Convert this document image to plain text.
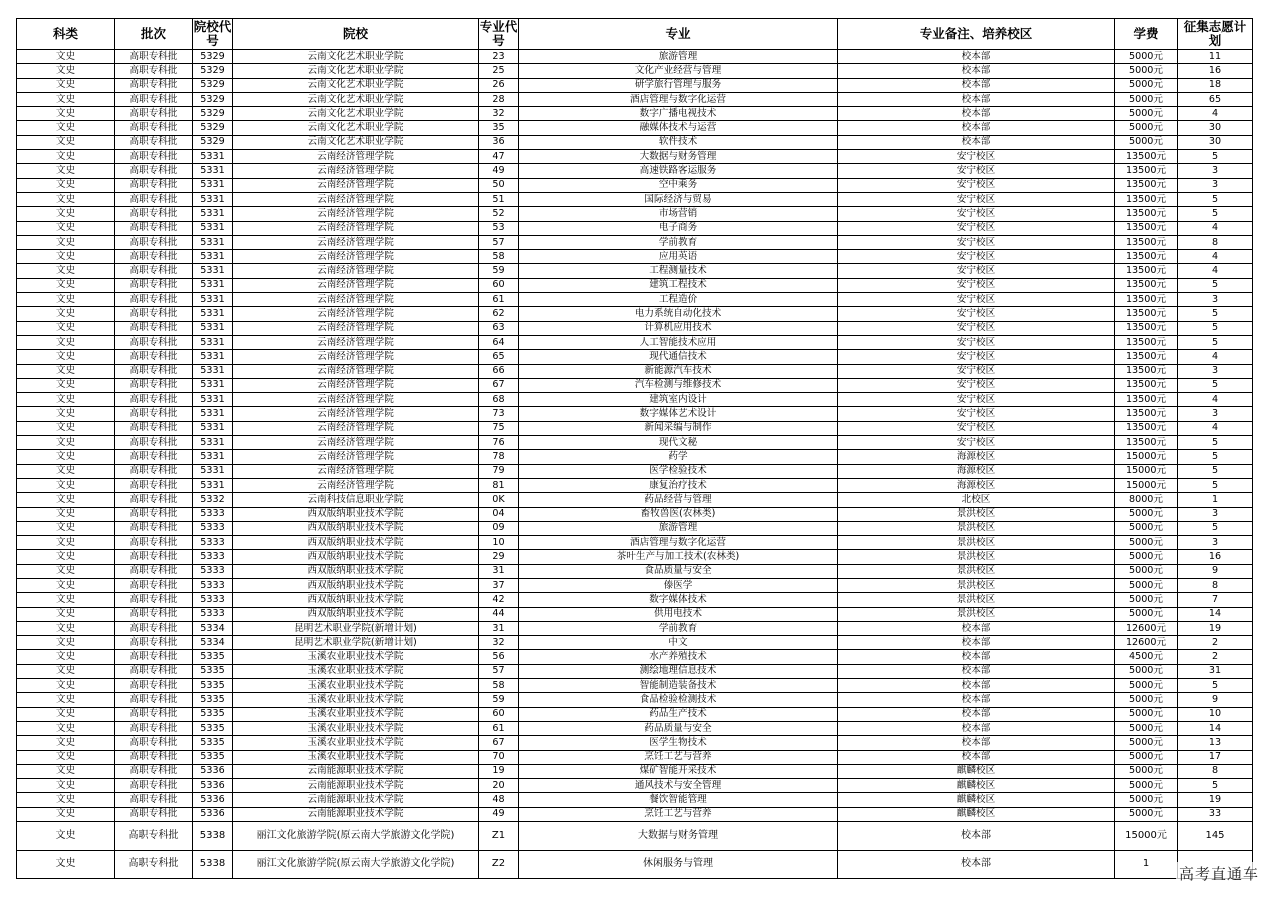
科类	批次	院校代号	院校	专业代号	专业	专业备注、培养校区	学费	征集志愿计划
文史	高职专科批	5329	云南文化艺术职业学院	23	旅游管理	校本部	5000元	11
文史	高职专科批	5329	云南文化艺术职业学院	25	文化产业经营与管理	校本部	5000元	16
文史	高职专科批	5329	云南文化艺术职业学院	26	研学旅行管理与服务	校本部	5000元	18
文史	高职专科批	5329	云南文化艺术职业学院	28	酒店管理与数字化运营	校本部	5000元	65
文史	高职专科批	5329	云南文化艺术职业学院	32	数字广播电视技术	校本部	5000元	4
文史	高职专科批	5329	云南文化艺术职业学院	35	融媒体技术与运营	校本部	5000元	30
文史	高职专科批	5329	云南文化艺术职业学院	36	软件技术	校本部	5000元	30
文史	高职专科批	5331	云南经济管理学院	47	大数据与财务管理	安宁校区	13500元	5
文史	高职专科批	5331	云南经济管理学院	49	高速铁路客运服务	安宁校区	13500元	3
文史	高职专科批	5331	云南经济管理学院	50	空中乘务	安宁校区	13500元	3
文史	高职专科批	5331	云南经济管理学院	51	国际经济与贸易	安宁校区	13500元	5
文史	高职专科批	5331	云南经济管理学院	52	市场营销	安宁校区	13500元	5
文史	高职专科批	5331	云南经济管理学院	53	电子商务	安宁校区	13500元	4
文史	高职专科批	5331	云南经济管理学院	57	学前教育	安宁校区	13500元	8
文史	高职专科批	5331	云南经济管理学院	58	应用英语	安宁校区	13500元	4
文史	高职专科批	5331	云南经济管理学院	59	工程测量技术	安宁校区	13500元	4
文史	高职专科批	5331	云南经济管理学院	60	建筑工程技术	安宁校区	13500元	5
文史	高职专科批	5331	云南经济管理学院	61	工程造价	安宁校区	13500元	3
文史	高职专科批	5331	云南经济管理学院	62	电力系统自动化技术	安宁校区	13500元	5
文史	高职专科批	5331	云南经济管理学院	63	计算机应用技术	安宁校区	13500元	5
文史	高职专科批	5331	云南经济管理学院	64	人工智能技术应用	安宁校区	13500元	5
文史	高职专科批	5331	云南经济管理学院	65	现代通信技术	安宁校区	13500元	4
文史	高职专科批	5331	云南经济管理学院	66	新能源汽车技术	安宁校区	13500元	3
文史	高职专科批	5331	云南经济管理学院	67	汽车检测与维修技术	安宁校区	13500元	5
文史	高职专科批	5331	云南经济管理学院	68	建筑室内设计	安宁校区	13500元	4
文史	高职专科批	5331	云南经济管理学院	73	数字媒体艺术设计	安宁校区	13500元	3
文史	高职专科批	5331	云南经济管理学院	75	新闻采编与制作	安宁校区	13500元	4
文史	高职专科批	5331	云南经济管理学院	76	现代文秘	安宁校区	13500元	5
文史	高职专科批	5331	云南经济管理学院	78	药学	海源校区	15000元	5
文史	高职专科批	5331	云南经济管理学院	79	医学检验技术	海源校区	15000元	5
文史	高职专科批	5331	云南经济管理学院	81	康复治疗技术	海源校区	15000元	5
文史	高职专科批	5332	云南科技信息职业学院	0K	药品经营与管理	北校区	8000元	1
文史	高职专科批	5333	西双版纳职业技术学院	04	畜牧兽医(农林类)	景洪校区	5000元	3
文史	高职专科批	5333	西双版纳职业技术学院	09	旅游管理	景洪校区	5000元	5
文史	高职专科批	5333	西双版纳职业技术学院	10	酒店管理与数字化运营	景洪校区	5000元	3
文史	高职专科批	5333	西双版纳职业技术学院	29	茶叶生产与加工技术(农林类)	景洪校区	5000元	16
文史	高职专科批	5333	西双版纳职业技术学院	31	食品质量与安全	景洪校区	5000元	9
文史	高职专科批	5333	西双版纳职业技术学院	37	傣医学	景洪校区	5000元	8
文史	高职专科批	5333	西双版纳职业技术学院	42	数字媒体技术	景洪校区	5000元	7
文史	高职专科批	5333	西双版纳职业技术学院	44	供用电技术	景洪校区	5000元	14
文史	高职专科批	5334	昆明艺术职业学院(新增计划)	31	学前教育	校本部	12600元	19
文史	高职专科批	5334	昆明艺术职业学院(新增计划)	32	中文	校本部	12600元	2
文史	高职专科批	5335	玉溪农业职业技术学院	56	水产养殖技术	校本部	4500元	2
文史	高职专科批	5335	玉溪农业职业技术学院	57	测绘地理信息技术	校本部	5000元	31
文史	高职专科批	5335	玉溪农业职业技术学院	58	智能制造装备技术	校本部	5000元	5
文史	高职专科批	5335	玉溪农业职业技术学院	59	食品检验检测技术	校本部	5000元	9
文史	高职专科批	5335	玉溪农业职业技术学院	60	药品生产技术	校本部	5000元	10
文史	高职专科批	5335	玉溪农业职业技术学院	61	药品质量与安全	校本部	5000元	14
文史	高职专科批	5335	玉溪农业职业技术学院	67	医学生物技术	校本部	5000元	13
文史	高职专科批	5335	玉溪农业职业技术学院	70	烹饪工艺与营养	校本部	5000元	17
文史	高职专科批	5336	云南能源职业技术学院	19	煤矿智能开采技术	麒麟校区	5000元	8
文史	高职专科批	5336	云南能源职业技术学院	20	通风技术与安全管理	麒麟校区	5000元	5
文史	高职专科批	5336	云南能源职业技术学院	48	餐饮智能管理	麒麟校区	5000元	19
文史	高职专科批	5336	云南能源职业技术学院	49	烹饪工艺与营养	麒麟校区	5000元	33
文史	高职专科批	5338	丽江文化旅游学院(原云南大学旅游文化学院)	Z1	大数据与财务管理	校本部	15000元	145
文史	高职专科批	5338	丽江文化旅游学院(原云南大学旅游文化学院)	Z2	休闲服务与管理	校本部	1	
高考直通车
